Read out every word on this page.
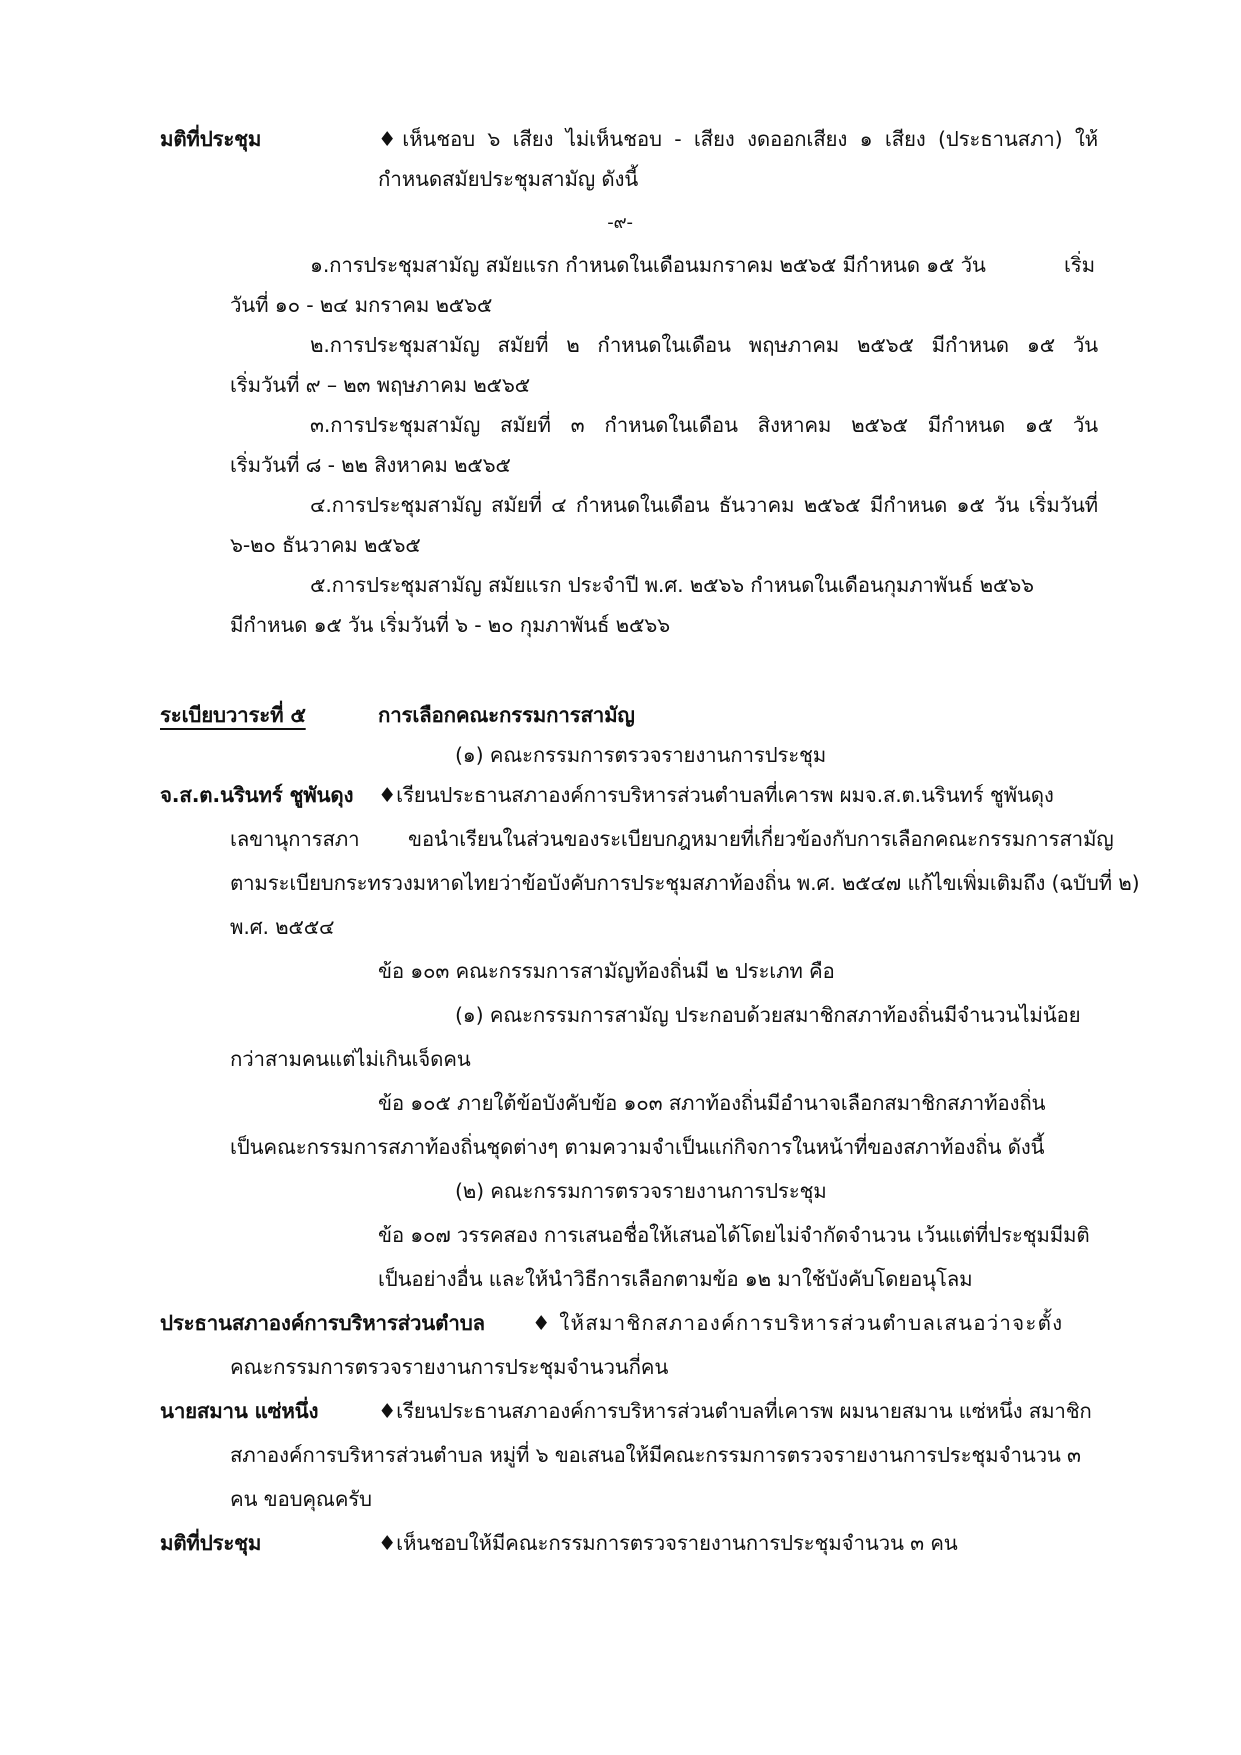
มติที่ประชุม	♦เห็นชอบ ๖ เสียง ไม่เห็นชอบ - เสียง งดออกเสียง ๑ เสียง (ประธานสภา) ให้
กำหนดสมัยประชุมสามัญ ดังนี้
-๙-
๑.การประชุมสามัญ สมัยแรก กำหนดในเดือนมกราคม ๒๕๖๕ มีกำหนด ๑๕ วัน	เริ่ม
วันที่ ๑๐ - ๒๔ มกราคม ๒๕๖๕
๒.การประชุมสามัญ สมัยที่ ๒ กำหนดในเดือน พฤษภาคม ๒๕๖๕ มีกำหนด ๑๕ วัน
เริ่มวันที่ ๙ – ๒๓ พฤษภาคม ๒๕๖๕
๓.การประชุมสามัญ สมัยที่ ๓ กำหนดในเดือน สิงหาคม ๒๕๖๕ มีกำหนด ๑๕ วัน
เริ่มวันที่ ๘ - ๒๒ สิงหาคม ๒๕๖๕
๔.การประชุมสามัญ สมัยที่ ๔ กำหนดในเดือน ธันวาคม ๒๕๖๕ มีกำหนด ๑๕ วัน เริ่มวันที่
๖-๒๐ ธันวาคม ๒๕๖๕
๕.การประชุมสามัญ สมัยแรก ประจำปี พ.ศ. ๒๕๖๖ กำหนดในเดือนกุมภาพันธ์ ๒๕๖๖
มีกำหนด ๑๕ วัน เริ่มวันที่ ๖ - ๒๐ กุมภาพันธ์ ๒๕๖๖
ระเบียบวาระที่ ๕	การเลือกคณะกรรมการสามัญ
(๑) คณะกรรมการตรวจรายงานการประชุม
จ.ส.ต.นรินทร์ ชูพันดุง ♦เรียนประธานสภาองค์การบริหารส่วนตำบลที่เคารพ ผมจ.ส.ต.นรินทร์ ชูพันดุง
เลขานุการสภา ขอนำเรียนในส่วนของระเบียบกฎหมายที่เกี่ยวข้องกับการเลือกคณะกรรมการสามัญ
ตามระเบียบกระทรวงมหาดไทยว่าข้อบังคับการประชุมสภาท้องถิ่น พ.ศ. ๒๕๔๗ แก้ไขเพิ่มเติมถึง (ฉบับที่ ๒)
พ.ศ. ๒๕๕๔
ข้อ ๑๐๓ คณะกรรมการสามัญท้องถิ่นมี ๒ ประเภท คือ
(๑) คณะกรรมการสามัญ ประกอบด้วยสมาชิกสภาท้องถิ่นมีจำนวนไม่น้อย
กว่าสามคนแต่ไม่เกินเจ็ดคน
ข้อ ๑๐๕ ภายใต้ข้อบังคับข้อ ๑๐๓ สภาท้องถิ่นมีอำนาจเลือกสมาชิกสภาท้องถิ่น
เป็นคณะกรรมการสภาท้องถิ่นชุดต่างๆ ตามความจำเป็นแก่กิจการในหน้าที่ของสภาท้องถิ่น ดังนี้
(๒) คณะกรรมการตรวจรายงานการประชุม
ข้อ ๑๐๗ วรรคสอง การเสนอชื่อให้เสนอได้โดยไม่จำกัดจำนวน เว้นแต่ที่ประชุมมีมติ
เป็นอย่างอื่น และให้นำวิธีการเลือกตามข้อ ๑๒ มาใช้บังคับโดยอนุโลม
ประธานสภาองค์การบริหารส่วนตำบล ♦ ให้สมาชิกสภาองค์การบริหารส่วนตำบลเสนอว่าจะตั้ง
คณะกรรมการตรวจรายงานการประชุมจำนวนกี่คน
นายสมาน แซ่หนึ่ง	♦เรียนประธานสภาองค์การบริหารส่วนตำบลที่เคารพ ผมนายสมาน แซ่หนึ่ง สมาชิก
สภาองค์การบริหารส่วนตำบล หมู่ที่ ๖ ขอเสนอให้มีคณะกรรมการตรวจรายงานการประชุมจำนวน ๓
คน ขอบคุณครับ
มติที่ประชุม	♦เห็นชอบให้มีคณะกรรมการตรวจรายงานการประชุมจำนวน ๓ คน
